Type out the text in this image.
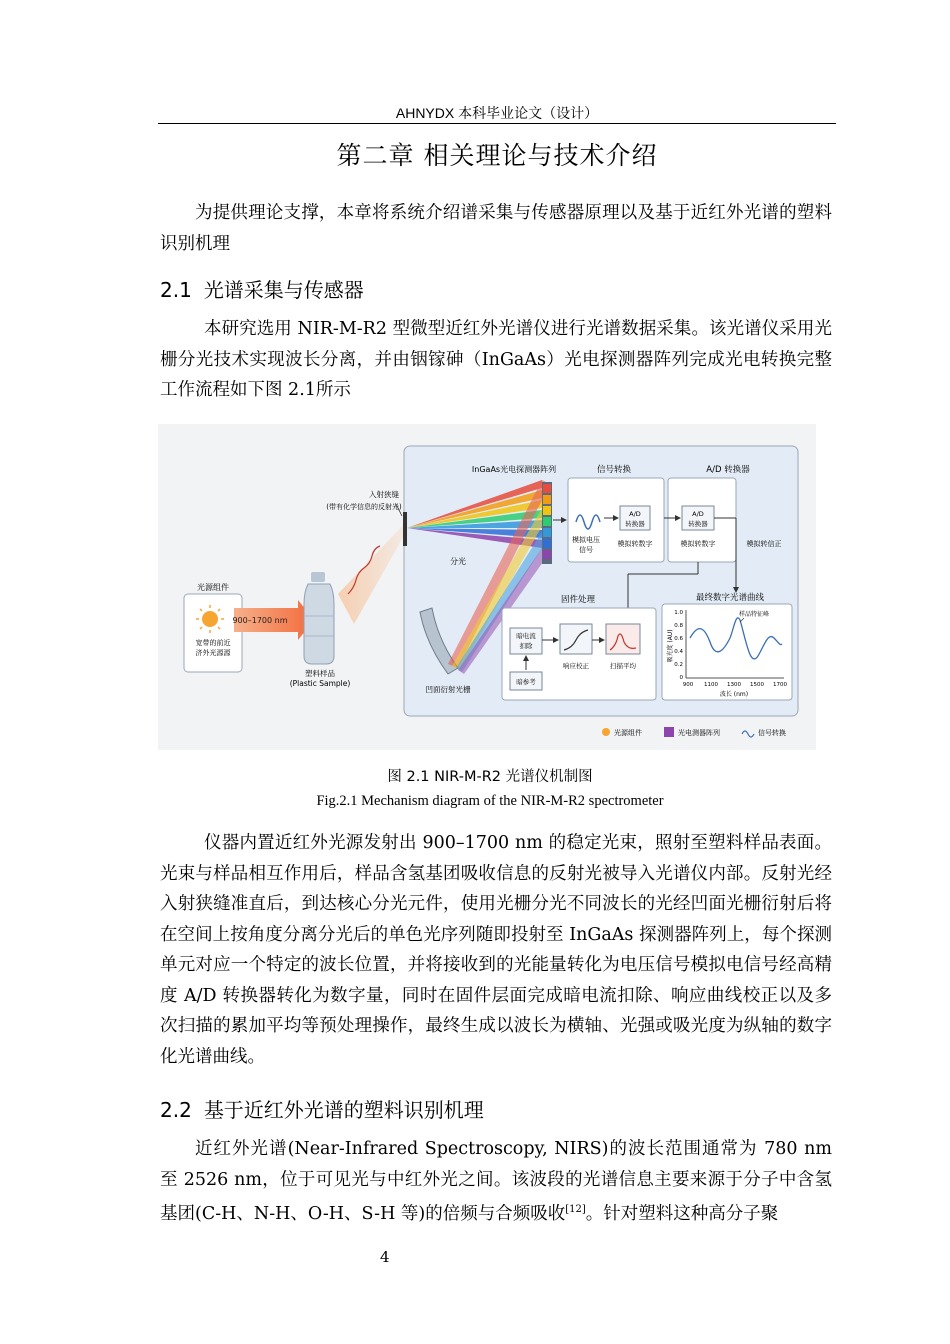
AHNYDX 本科毕业论文（设计）
第二章 相关理论与技术介绍

为提供理论支撑，本章将系统介绍谱采集与传感器原理以及基于近红外光谱的塑料识别机理

2.1 光谱采集与传感器

本研究选用 NIR-M-R2 型微型近红外光谱仪进行光谱数据采集。该光谱仪采用光栅分光技术实现波长分离，并由铟镓砷（InGaAs）光电探测器阵列完成光电转换完整工作流程如下图 2.1所示

光源组件
宽带的前近
济外光源源
900–1700 nm
塑料样品
(Plastic Sample)
入射狭缝
(带有化学信息的反射光)
凹面衍射光栅
分光
InGaAs光电探测器阵列	信号转换
模拟电压
信号
A/D
转换器
模拟转数字
A/D 转换器
A/D
转换器
模拟转数字	模拟转信正
固件处理
暗电流
扣除
暗参考
响应校正	扫描平均
最终数字光谱曲线
1.0
0.8
0.6
0.4
0.2
0
900 1100 1300 1500 1700
波长 (nm)
吸光度 (AU)
样品特征峰
光源组件	光电测器阵列	信号转换
图 2.1 NIR-M-R2 光谱仪机制图
Fig.2.1 Mechanism diagram of the NIR-M-R2 spectrometer

仪器内置近红外光源发射出 900–1700 nm 的稳定光束，照射至塑料样品表面。光束与样品相互作用后，样品含氢基团吸收信息的反射光被导入光谱仪内部。反射光经入射狭缝准直后，到达核心分光元件，使用光栅分光不同波长的光经凹面光栅衍射后将在空间上按角度分离分光后的单色光序列随即投射至 InGaAs 探测器阵列上，每个探测单元对应一个特定的波长位置，并将接收到的光能量转化为电压信号模拟电信号经高精度 A/D 转换器转化为数字量，同时在固件层面完成暗电流扣除、响应曲线校正以及多次扫描的累加平均等预处理操作，最终生成以波长为横轴、光强或吸光度为纵轴的数字化光谱曲线。

2.2 基于近红外光谱的塑料识别机理

近红外光谱(Near-Infrared Spectroscopy, NIRS)的波长范围通常为 780 nm 至 2526 nm，位于可见光与中红外光之间。该波段的光谱信息主要来源于分子中含氢基团(C-H、N-H、O-H、S-H 等)的倍频与合频吸收[12]。针对塑料这种高分子聚

4
